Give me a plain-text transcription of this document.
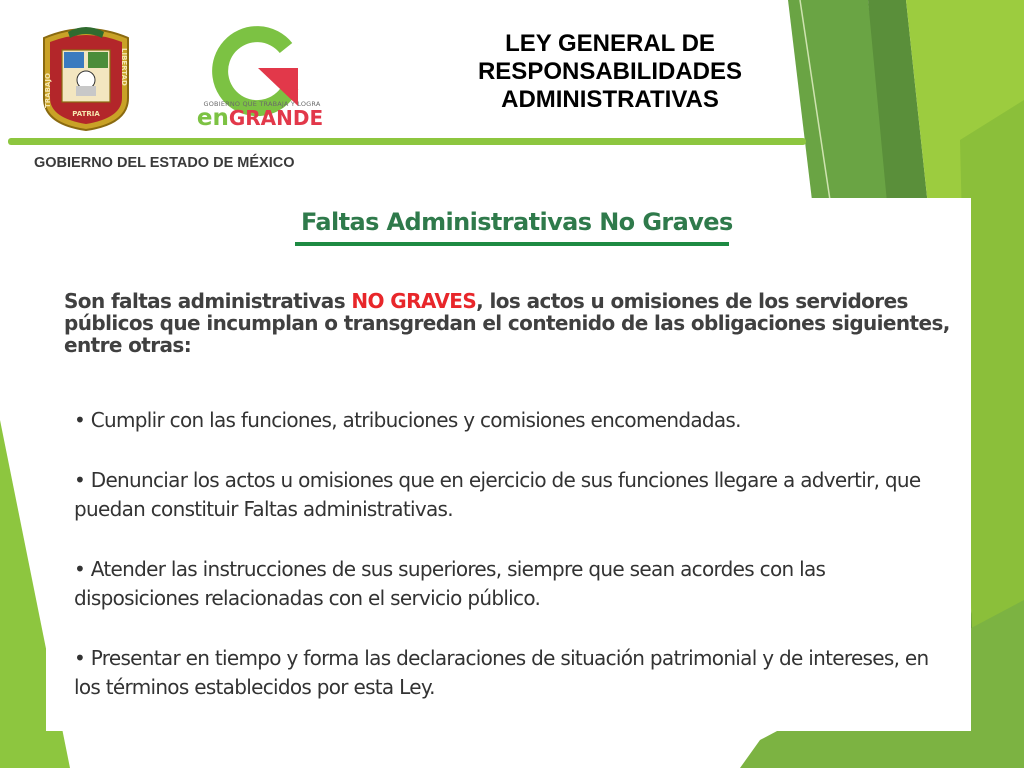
TRABAJO
LIBERTAD
PATRIA
GOBIERNO QUE TRABAJA Y LOGRA
enGRANDE
LEY GENERAL DE
RESPONSABILIDADES
ADMINISTRATIVAS
GOBIERNO DEL ESTADO DE MÉXICO
Faltas Administrativas No Graves
Son faltas administrativas NO GRAVES, los actos u omisiones de los servidores públicos que incumplan o transgredan el contenido de las obligaciones siguientes, entre otras:
• Cumplir con las funciones, atribuciones y comisiones encomendadas.
• Denunciar los actos u omisiones que en ejercicio de sus funciones llegare a advertir, que puedan constituir Faltas administrativas.
• Atender las instrucciones de sus superiores, siempre que sean acordes con las disposiciones relacionadas con el servicio público.
• Presentar en tiempo y forma las declaraciones de situación patrimonial y de intereses, en los términos establecidos por esta Ley.
